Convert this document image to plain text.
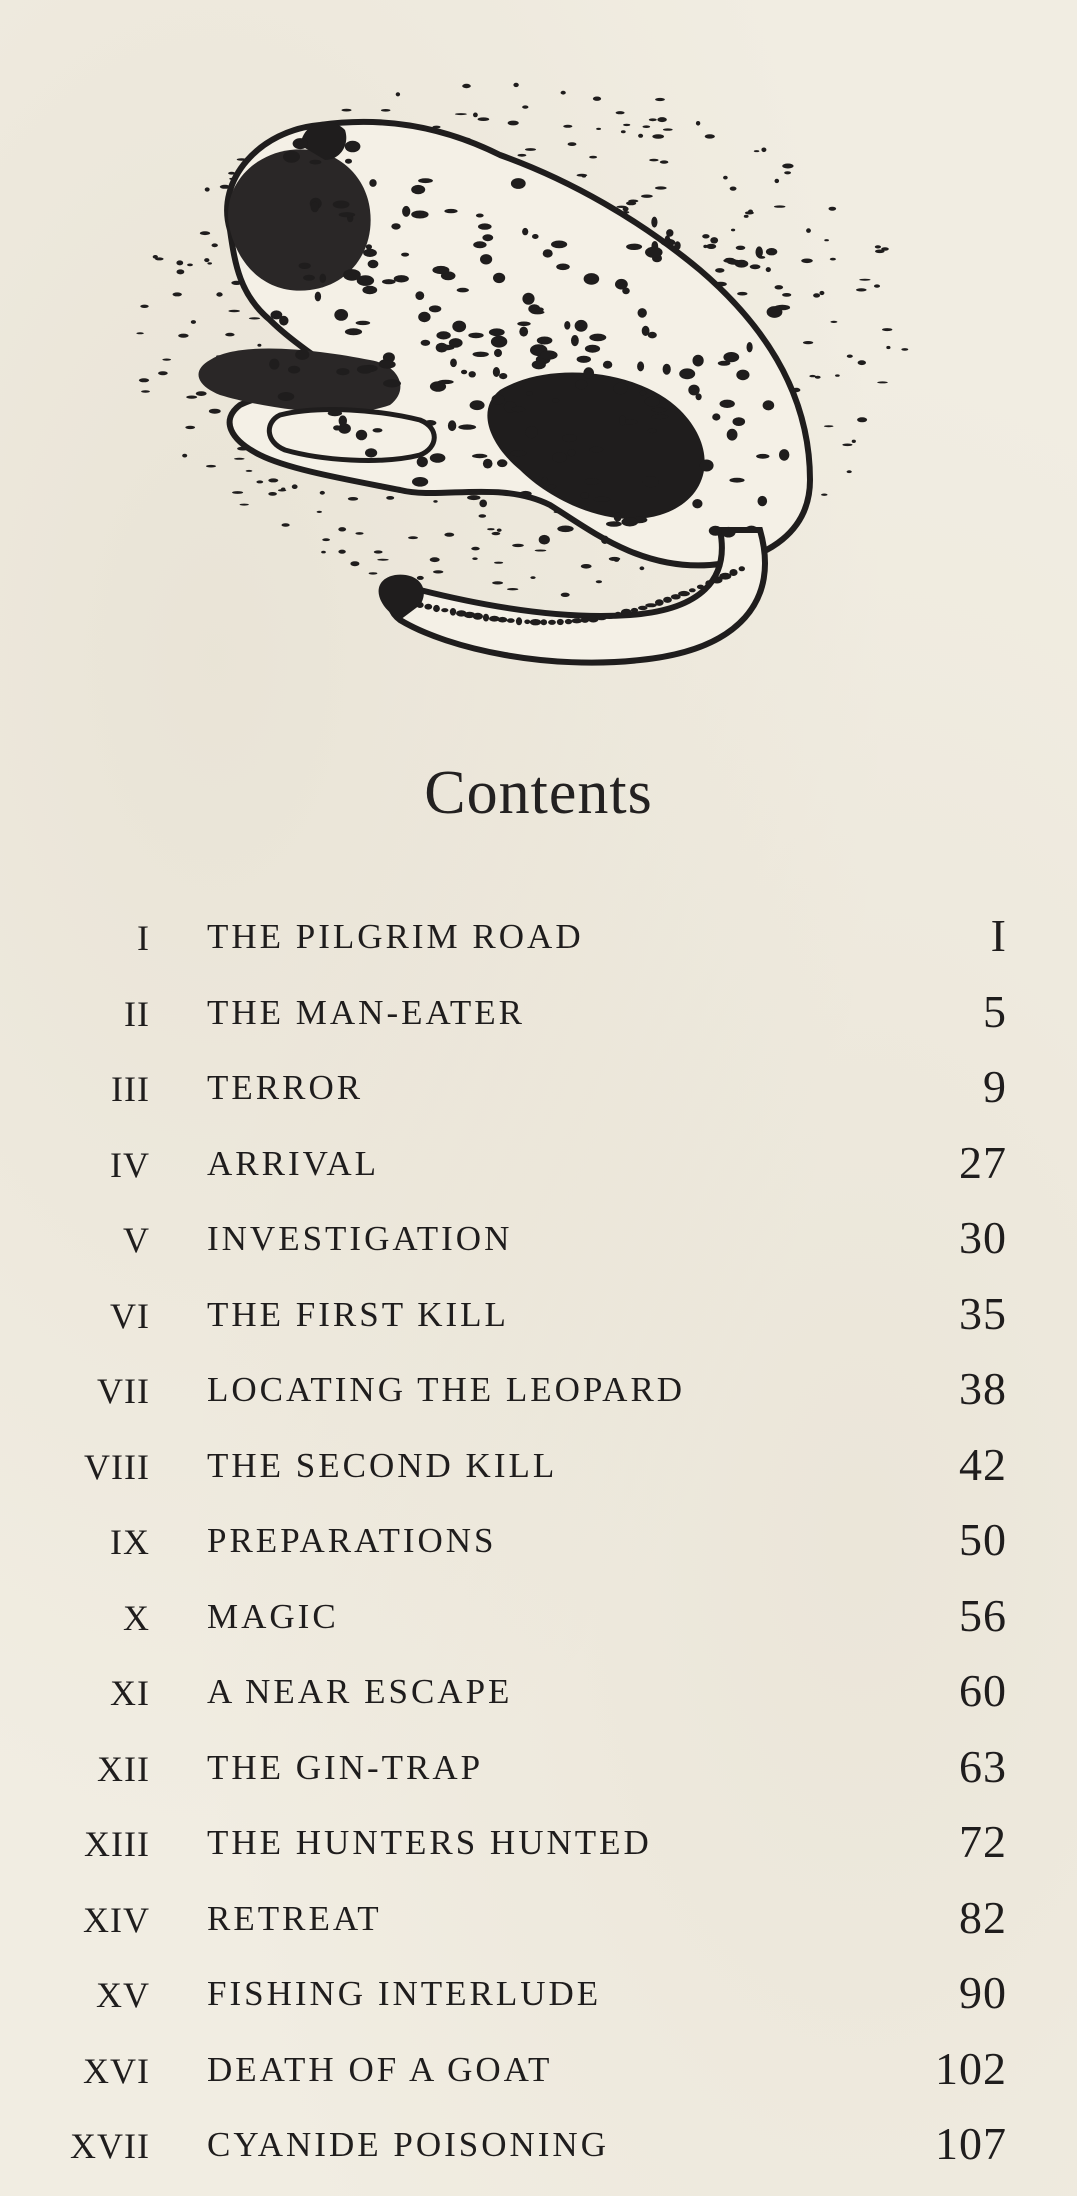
Contents
I THE PILGRIM ROAD	I
II THE MAN-EATER	5
III TERROR	9
IV ARRIVAL	27
V INVESTIGATION	30
VI THE FIRST KILL	35
VII LOCATING THE LEOPARD	38
VIII THE SECOND KILL	42
IX PREPARATIONS	50
X MAGIC	56
XI A NEAR ESCAPE	60
XII THE GIN-TRAP	63
XIII THE HUNTERS HUNTED	72
XIV RETREAT	82
XV FISHING INTERLUDE	90
XVI DEATH OF A GOAT	102
XVII CYANIDE POISONING	107
